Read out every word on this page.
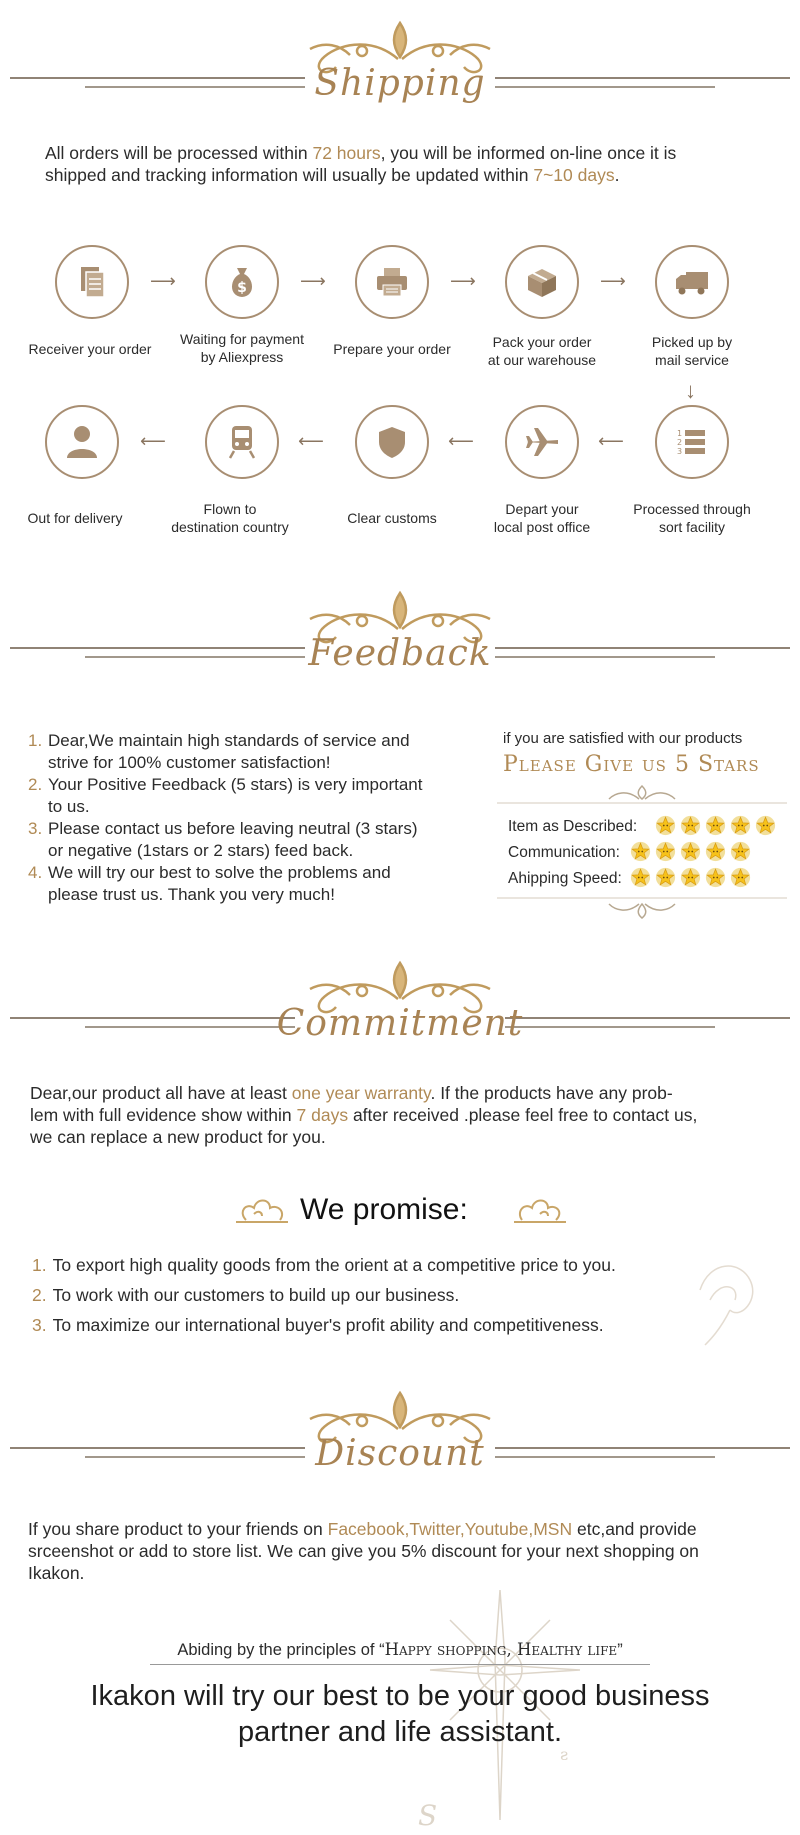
Shipping
All orders will be processed within 72 hours, you will be informed on-line once it is
shipped and tracking information will usually be updated within 7~10 days.
$
⟶	⟶	⟶	⟶
Receiver your order
Waiting for payment
by Aliexpress	Prepare your order	Pack your order
at our warehouse
Picked up by
mail service
↓
1
2
3
⟵
⟵
⟵
⟵
Processed through
sort facility
Depart your
local post office
Clear customs
Flown to
destination country
Out for delivery
Feedback
1. Dear,We maintain high standards of service and
strive for 100% customer satisfaction!
2. Your Positive Feedback (5 stars) is very important
to us.
3. Please contact us before leaving neutral (3 stars)
or negative (1stars or 2 stars) feed back.
4. We will try our best to solve the problems and
please trust us. Thank you very much!
if you are satisfied with our products
Please Give us 5 Stars
Item as Described:
Communication:
Ahipping Speed:
Commitment
Dear,our product all have at least one year warranty. If the products have any prob-
lem with full evidence show within 7 days after received .please feel free to contact us,
we can replace a new product for you.
We promise:
1. To export high quality goods from the orient at a competitive price to you.
2. To work with our customers to build up our business.
3. To maximize our international buyer's profit ability and competitiveness.
Discount
If you share product to your friends on Facebook,Twitter,Youtube,MSN etc,and provide
srceenshot or add to store list. We can give you 5% discount for your next shopping on
Ikakon.
S
ƨ
Abiding by the principles of “Happy shopping, Healthy life”
Ikakon will try our best to be your good business
partner and life assistant.
